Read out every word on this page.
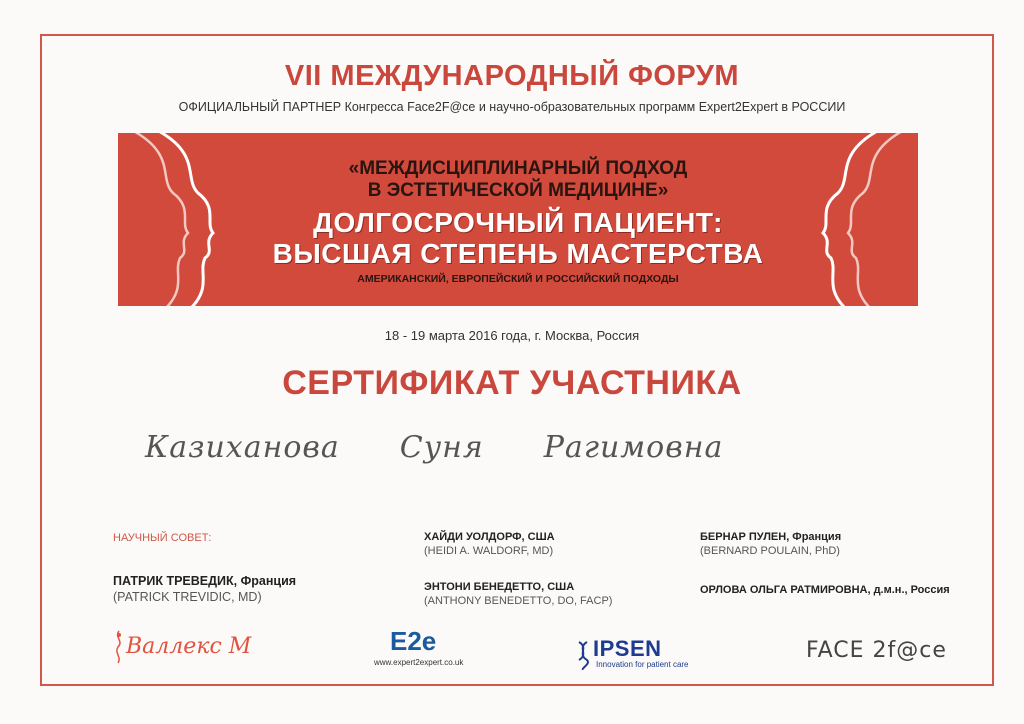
VII МЕЖДУНАРОДНЫЙ ФОРУМ
ОФИЦИАЛЬНЫЙ ПАРТНЕР Конгресса Face2F@ce и научно-образовательных программ Expert2Expert в РОССИИ
«МЕЖДИСЦИПЛИНАРНЫЙ ПОДХОД
В ЭСТЕТИЧЕСКОЙ МЕДИЦИНЕ»
ДОЛГОСРОЧНЫЙ ПАЦИЕНТ:
ВЫСШАЯ СТЕПЕНЬ МАСТЕРСТВА
АМЕРИКАНСКИЙ, ЕВРОПЕЙСКИЙ И РОССИЙСКИЙ ПОДХОДЫ
18 - 19 марта 2016 года, г. Москва, Россия
СЕРТИФИКАТ УЧАСТНИКА
Казиханова Суня Рагимовна
НАУЧНЫЙ СОВЕТ:
ПАТРИК ТРЕВЕДИК, Франция
(PATRICK TREVIDIC, MD)
ХАЙДИ УОЛДОРФ, США
(HEIDI A. WALDORF, MD)
ЭНТОНИ БЕНЕДЕТТО, США
(ANTHONY BENEDETTO, DO, FACP)
БЕРНАР ПУЛЕН, Франция
(BERNARD POULAIN, PhD)
ОРЛОВА ОЛЬГА РАТМИРОВНА, д.м.н., Россия
Валлекс М	E2e
www.expert2expert.co.uk
IPSEN
Innovation for patient care
FACE 2f@ce
